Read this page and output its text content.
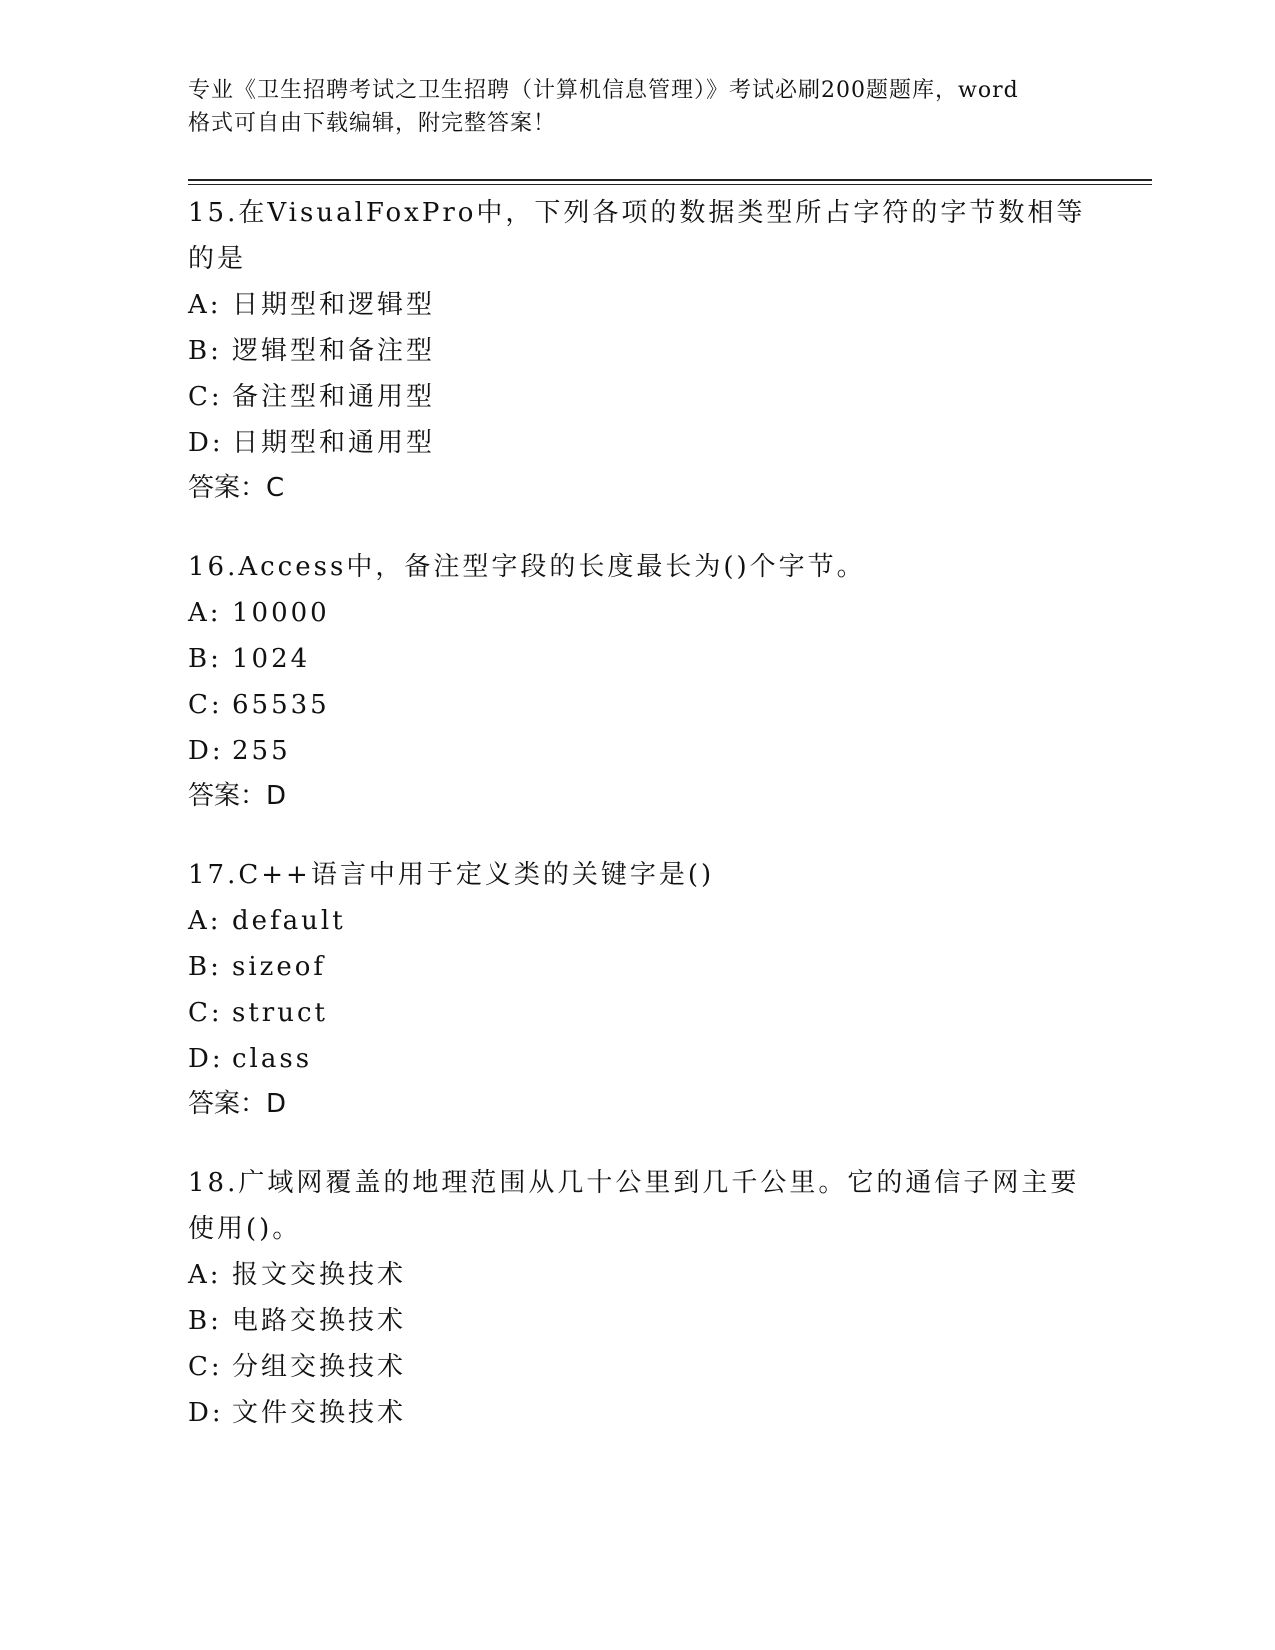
专业《卫生招聘考试之卫生招聘（计算机信息管理）》考试必刷200题题库，word
格式可自由下载编辑，附完整答案！

15.在VisualFoxPro中，下列各项的数据类型所占字符的字节数相等

的是

A: 日期型和逻辑型

B: 逻辑型和备注型

C: 备注型和通用型

D: 日期型和通用型

答案：C

16.Access中，备注型字段的长度最长为()个字节。

A: 10000

B: 1024

C: 65535

D: 255

答案：D

17.C++语言中用于定义类的关键字是()

A: default

B: sizeof

C: struct

D: class

答案：D

18.广域网覆盖的地理范围从几十公里到几千公里。它的通信子网主要

使用()。

A: 报文交换技术

B: 电路交换技术

C: 分组交换技术

D: 文件交换技术
